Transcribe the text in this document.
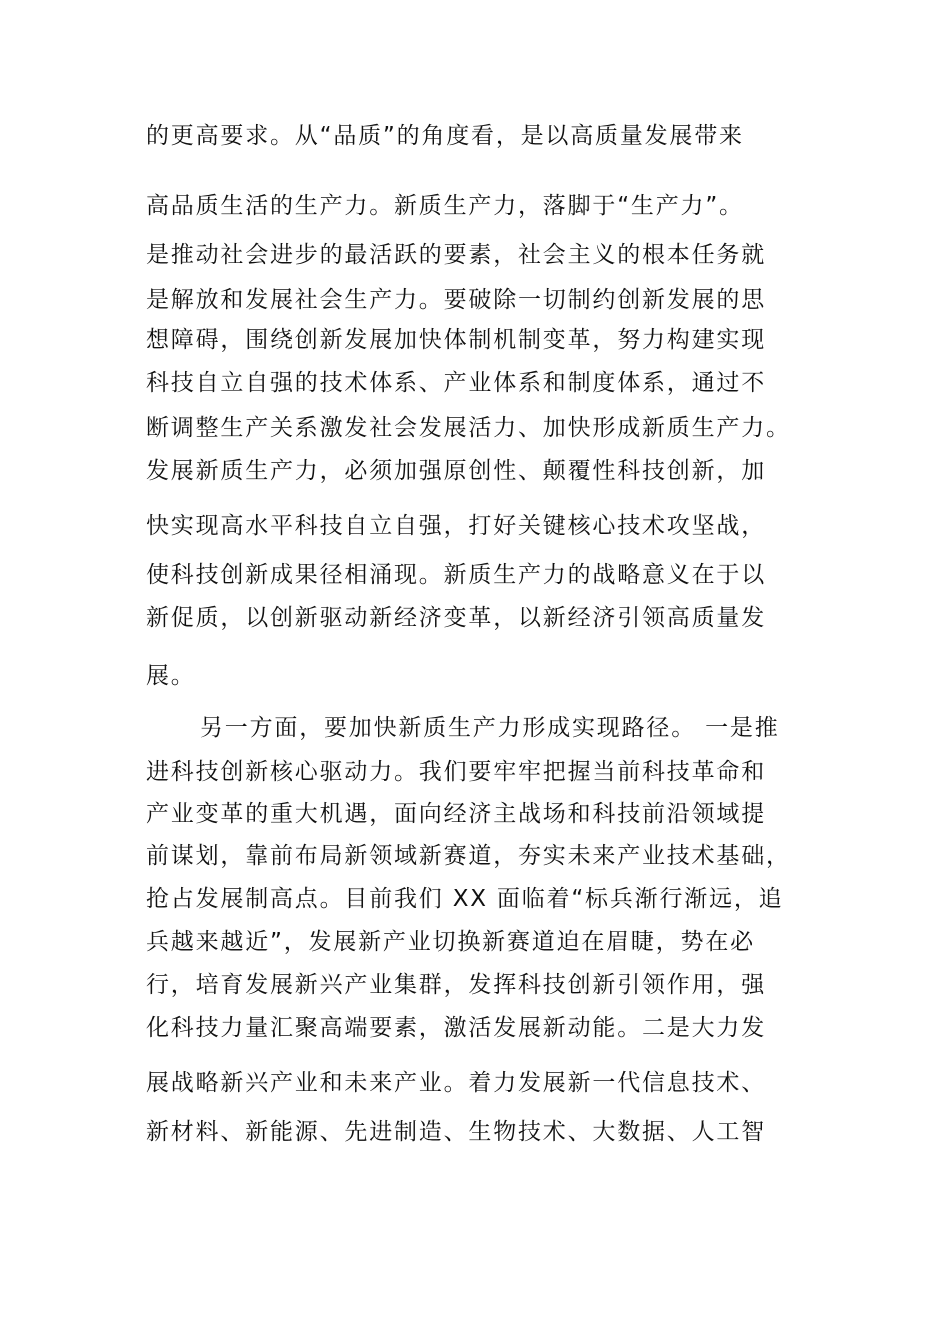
的更高要求。从“品质”的角度看，是以高质量发展带来
高品质生活的生产力。新质生产力，落脚于“生产力”。
是推动社会进步的最活跃的要素，社会主义的根本任务就
是解放和发展社会生产力。要破除一切制约创新发展的思
想障碍，围绕创新发展加快体制机制变革，努力构建实现
科技自立自强的技术体系、产业体系和制度体系，通过不
断调整生产关系激发社会发展活力、加快形成新质生产力。
发展新质生产力，必须加强原创性、颠覆性科技创新，加
快实现高水平科技自立自强，打好关键核心技术攻坚战，
使科技创新成果径相涌现。新质生产力的战略意义在于以
新促质，以创新驱动新经济变革，以新经济引领高质量发
展。
另一方面，要加快新质生产力形成实现路径。 一是推
进科技创新核心驱动力。我们要牢牢把握当前科技革命和
产业变革的重大机遇，面向经济主战场和科技前沿领域提
前谋划，靠前布局新领域新赛道，夯实未来产业技术基础，
抢占发展制高点。目前我们 XX 面临着“标兵渐行渐远，追
兵越来越近”，发展新产业切换新赛道迫在眉睫，势在必
行，培育发展新兴产业集群，发挥科技创新引领作用，强
化科技力量汇聚高端要素，激活发展新动能。二是大力发
展战略新兴产业和未来产业。着力发展新一代信息技术、
新材料、新能源、先进制造、生物技术、大数据、人工智
